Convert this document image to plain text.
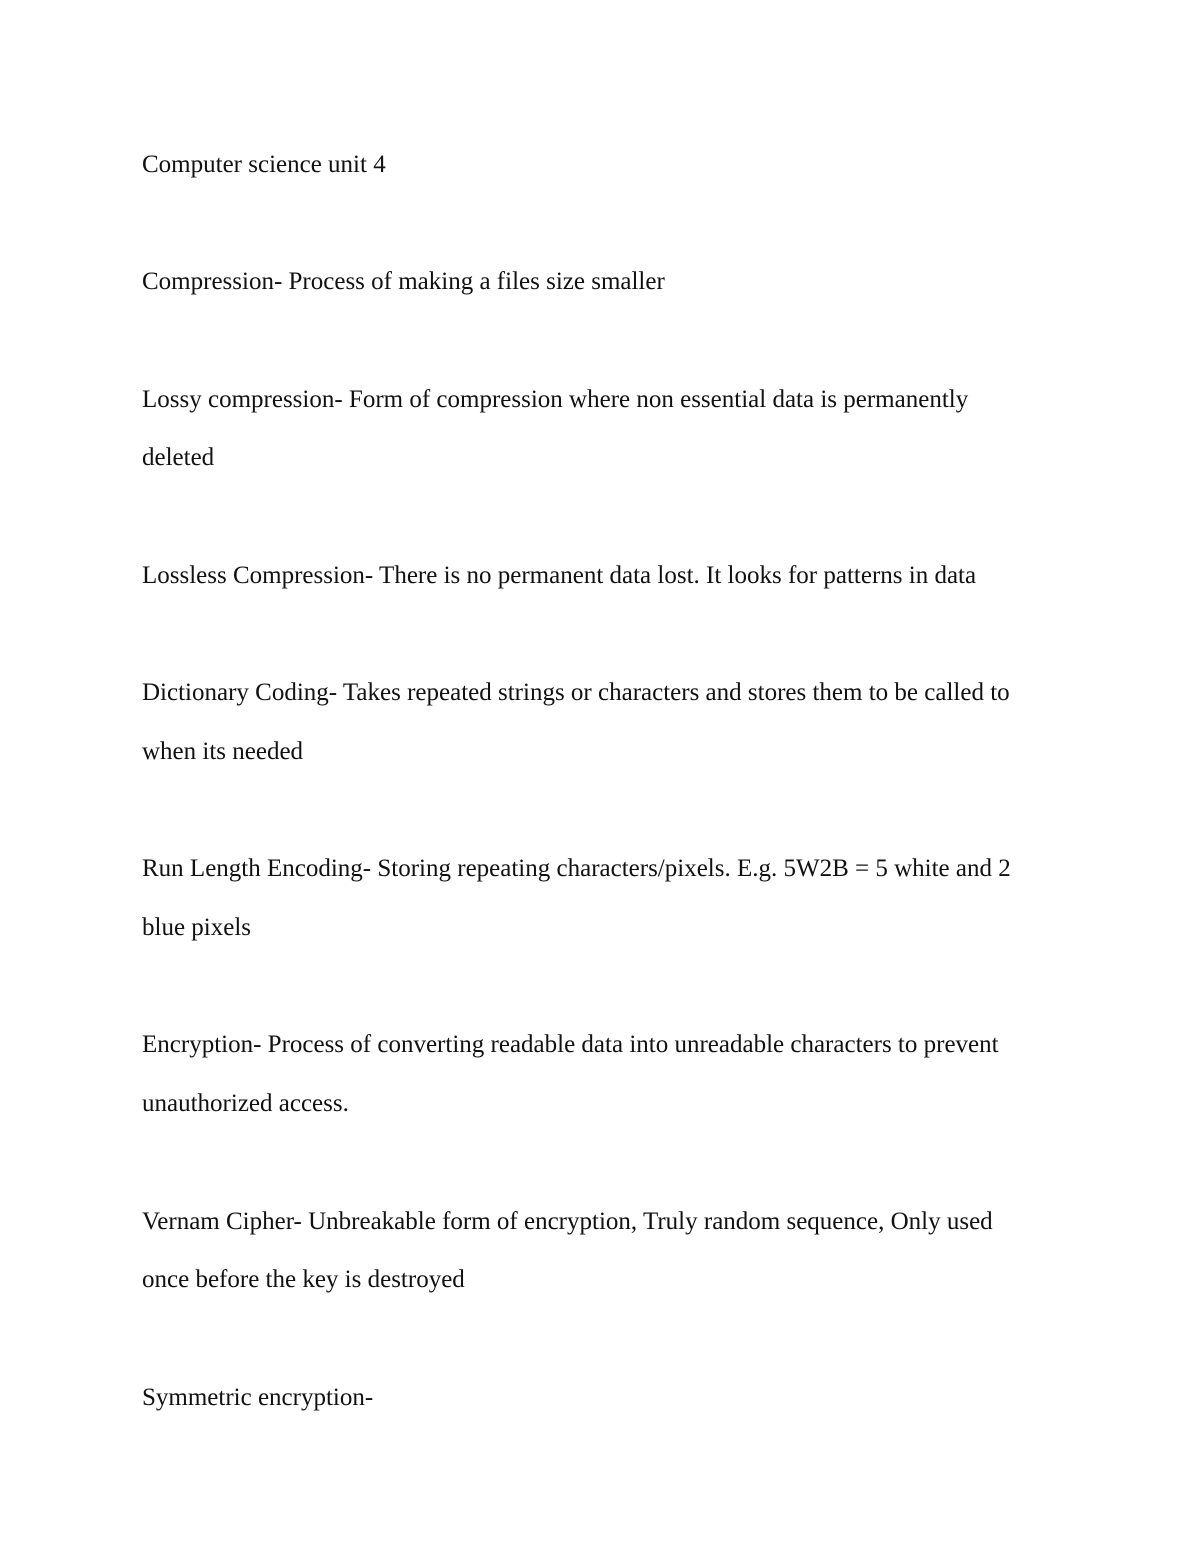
Computer science unit 4

Compression- Process of making a files size smaller

Lossy compression- Form of compression where non essential data is permanently deleted

Lossless Compression- There is no permanent data lost. It looks for patterns in data

Dictionary Coding- Takes repeated strings or characters and stores them to be called to when its needed

Run Length Encoding- Storing repeating characters/pixels. E.g. 5W2B = 5 white and 2 blue pixels

Encryption- Process of converting readable data into unreadable characters to prevent unauthorized access.

Vernam Cipher- Unbreakable form of encryption, Truly random sequence, Only used once before the key is destroyed

Symmetric encryption-
